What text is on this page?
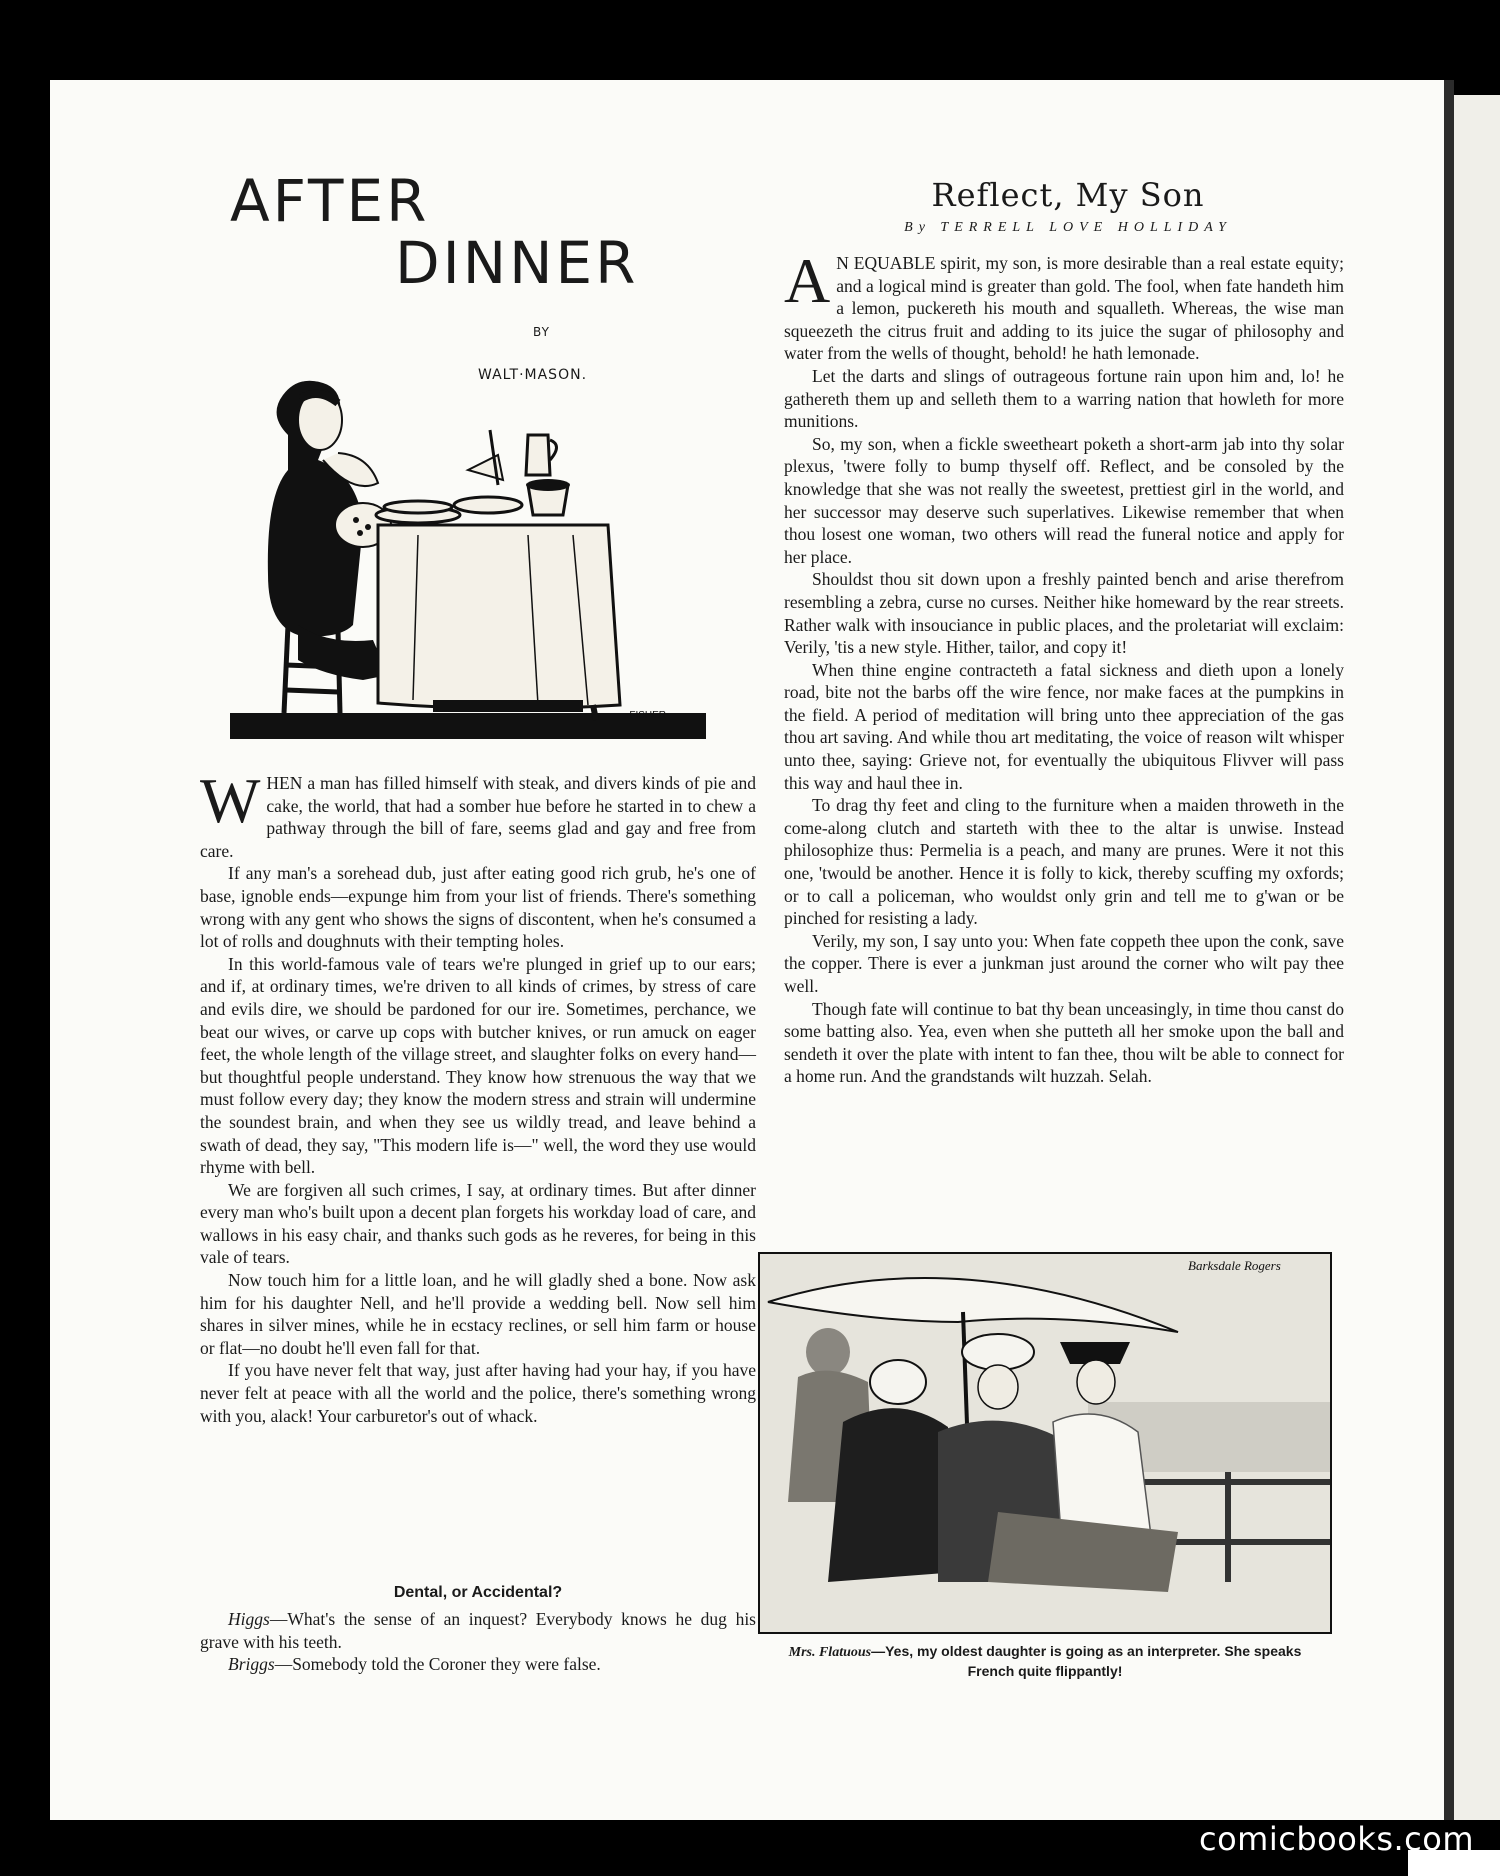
AFTER
DINNER
BY
WALT·MASON.
-FISHER-

WHEN a man has filled himself with steak, and divers kinds of pie and cake, the world, that had a somber hue before he started in to chew a pathway through the bill of fare, seems glad and gay and free from care.

If any man's a sorehead dub, just after eating good rich grub, he's one of base, ignoble ends—expunge him from your list of friends. There's something wrong with any gent who shows the signs of discontent, when he's consumed a lot of rolls and doughnuts with their tempting holes.

In this world-famous vale of tears we're plunged in grief up to our ears; and if, at ordinary times, we're driven to all kinds of crimes, by stress of care and evils dire, we should be pardoned for our ire. Sometimes, perchance, we beat our wives, or carve up cops with butcher knives, or run amuck on eager feet, the whole length of the village street, and slaughter folks on every hand—but thoughtful people understand. They know how strenuous the way that we must follow every day; they know the modern stress and strain will undermine the soundest brain, and when they see us wildly tread, and leave behind a swath of dead, they say, "This modern life is—" well, the word they use would rhyme with bell.

We are forgiven all such crimes, I say, at ordinary times. But after dinner every man who's built upon a decent plan forgets his workday load of care, and wallows in his easy chair, and thanks such gods as he reveres, for being in this vale of tears.

Now touch him for a little loan, and he will gladly shed a bone. Now ask him for his daughter Nell, and he'll provide a wedding bell. Now sell him shares in silver mines, while he in ecstacy reclines, or sell him farm or house or flat—no doubt he'll even fall for that.

If you have never felt that way, just after having had your hay, if you have never felt at peace with all the world and the police, there's something wrong with you, alack! Your carburetor's out of whack.

Dental, or Accidental?

Higgs—What's the sense of an inquest? Everybody knows he dug his grave with his teeth.

Briggs—Somebody told the Coroner they were false.

Reflect, My Son
By TERRELL LOVE HOLLIDAY

A N EQUABLE spirit, my son, is more desirable than a real estate equity; and a logical mind is greater than gold. The fool, when fate handeth him a lemon, puckereth his mouth and squalleth. Whereas, the wise man squeezeth the citrus fruit and adding to its juice the sugar of philosophy and water from the wells of thought, behold! he hath lemonade.

Let the darts and slings of outrageous fortune rain upon him and, lo! he gathereth them up and selleth them to a warring nation that howleth for more munitions.

So, my son, when a fickle sweetheart poketh a short-arm jab into thy solar plexus, 'twere folly to bump thyself off. Reflect, and be consoled by the knowledge that she was not really the sweetest, prettiest girl in the world, and her successor may deserve such superlatives. Likewise remember that when thou losest one woman, two others will read the funeral notice and apply for her place.

Shouldst thou sit down upon a freshly painted bench and arise therefrom resembling a zebra, curse no curses. Neither hike homeward by the rear streets. Rather walk with insouciance in public places, and the proletariat will exclaim: Verily, 'tis a new style. Hither, tailor, and copy it!

When thine engine contracteth a fatal sickness and dieth upon a lonely road, bite not the barbs off the wire fence, nor make faces at the pumpkins in the field. A period of meditation will bring unto thee appreciation of the gas thou art saving. And while thou art meditating, the voice of reason wilt whisper unto thee, saying: Grieve not, for eventually the ubiquitous Flivver will pass this way and haul thee in.

To drag thy feet and cling to the furniture when a maiden throweth in the come-along clutch and starteth with thee to the altar is unwise. Instead philosophize thus: Permelia is a peach, and many are prunes. Were it not this one, 'twould be another. Hence it is folly to kick, thereby scuffing my oxfords; or to call a policeman, who wouldst only grin and tell me to g'wan or be pinched for resisting a lady.

Verily, my son, I say unto you: When fate coppeth thee upon the conk, save the copper. There is ever a junkman just around the corner who wilt pay thee well.

Though fate will continue to bat thy bean unceasingly, in time thou canst do some batting also. Yea, even when she putteth all her smoke upon the ball and sendeth it over the plate with intent to fan thee, thou wilt be able to connect for a home run. And the grandstands wilt huzzah. Selah.

Barksdale Rogers
Mrs. Flatuous—Yes, my oldest daughter is going as an interpreter. She speaks French quite flippantly!
comicbooks.com
